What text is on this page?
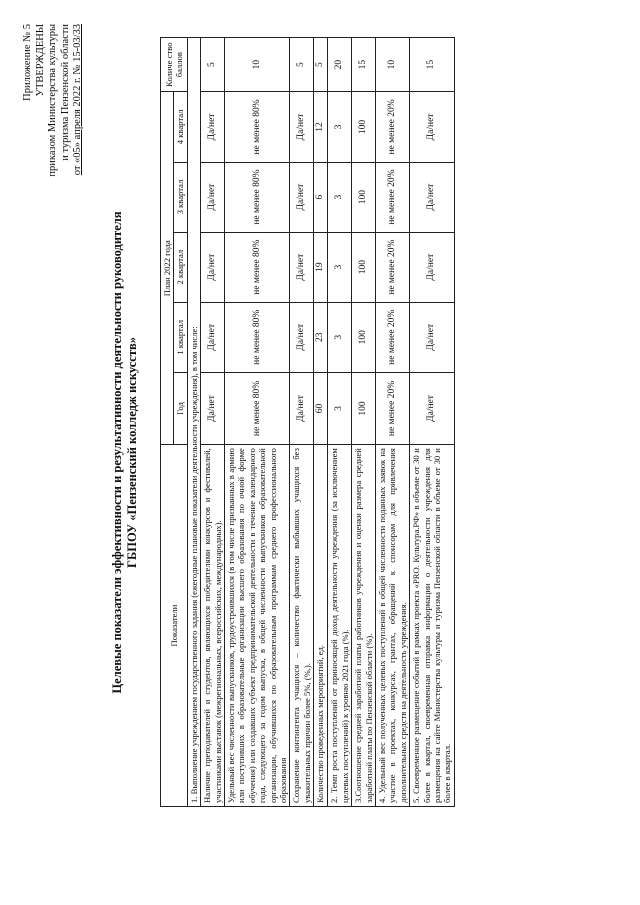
Приложение № 5 УТВЕРЖДЕНЫ приказом Министерства культуры и туризма Пензенской области от «05» апреля 2022 г. № 15-03/33
Целевые показатели эффективности и результативности деятельности руководителя ГБПОУ «Пензенский колледж искусств»
Показатели	План 2022 года					Количе ство баллов
	Год	1 квартал	2 квартал	3 квартал	4 квартал	
1. Выполнение учреждением государственного задания (ежегодные плановые показатели деятельности учреждения), в том числе:						
Наличие преподавателей и студентов, являющихся победителями конкурсов и фестивалей, участниками выставок (межрегиональных, всероссийских, международных).	Да/нет	Да/нет	Да/нет	Да/нет	Да/нет	5
Удельный вес численности выпускников, трудоустроившихся (в том числе призванных в армию или поступивших в образовательные организации высшего образования по очной форме обучения) или создавших субъект предпринимательской деятельности в течение календарного года, следующего за годом выпуска, в общей численности выпускников образовательной организации, обучившихся по образовательным программам среднего профессионального образования	не менее 80%	не менее 80%	не менее 80%	не менее 80%	не менее 80%	10
Сохранение контингента учащихся – количество фактически выбывших учащихся без уважительных причин более 5%, (%,).	Да/нет	Да/нет	Да/нет	Да/нет	Да/нет	5
Количество проведенных мероприятий, ед.	60	23	19	6	12	5
2. Темп роста поступлений от приносящей доход деятельности учреждения (за исключением целевых поступлений) к уровню 2021 года (%).	3	3	3	3	3	20
3.Соотношение средней заработной платы работников учреждения и оценки размера средней заработной платы по Пензенской области (%).	100	100	100	100	100	15
4. Удельный вес полученных целевых поступлений в общей численности поданных заявок на участие в проектах, конкурсах, грантах, обращений к спонсорам для привлечения дополнительных средств на деятельность учреждения.	не менее 20%	не менее 20%	не менее 20%	не менее 20%	не менее 20%	10
5. Своевременное размещение событий в рамках проекта «PRO. Культура.РФ» в объеме от 30 и более в квартал, своевременная отправка информации о деятельности учреждения для размещения на сайте Министерства культуры и туризма Пензенской области в объеме от 30 и более в квартал.	Да/нет	Да/нет	Да/нет	Да/нет	Да/нет	15
